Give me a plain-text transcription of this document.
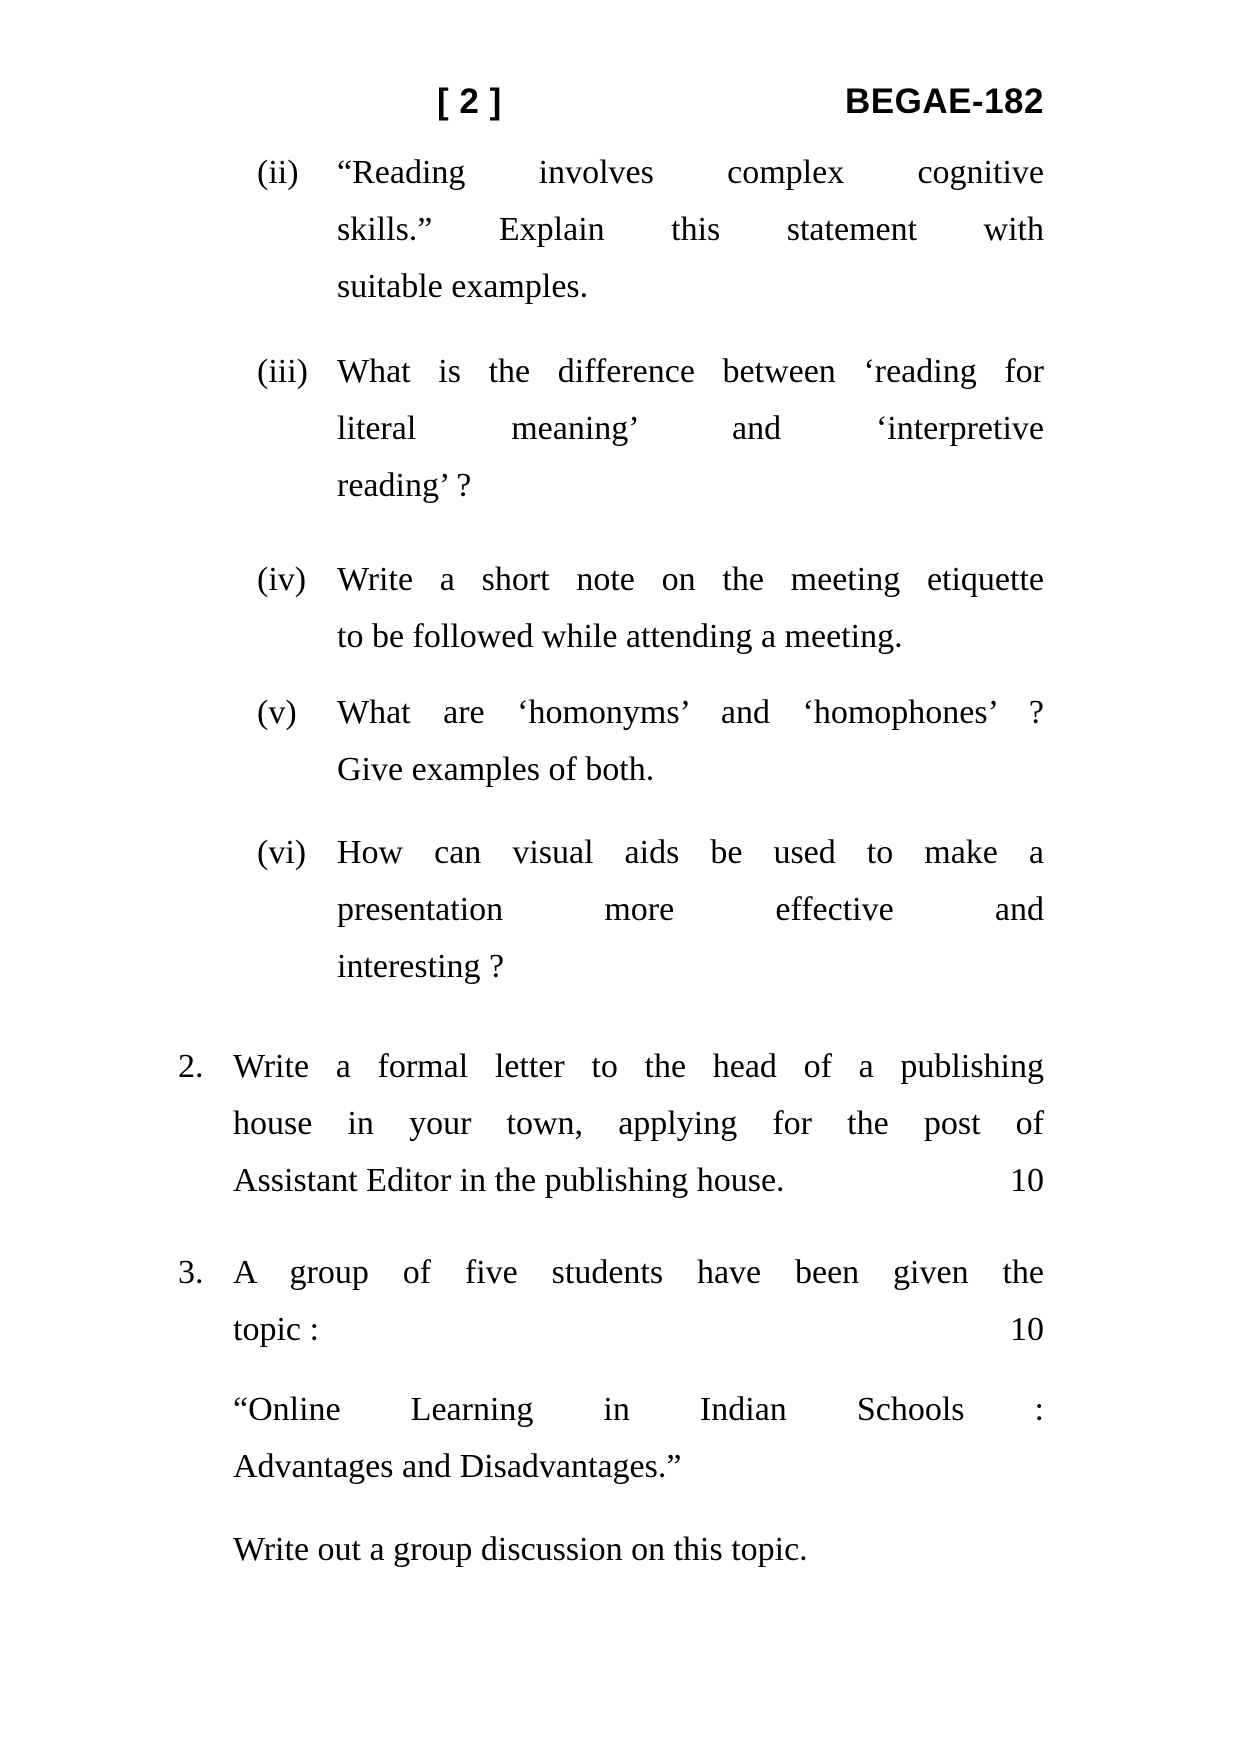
[ 2 ]	BEGAE-182
(ii)	“Reading involves complex cognitive
skills.” Explain this statement with
suitable examples.
(iii) What is the difference between ‘reading for
literal meaning’ and ‘interpretive
reading’ ?
(iv) Write a short note on the meeting etiquette
to be followed while attending a meeting.
(v)	What are ‘homonyms’ and ‘homophones’ ?
Give examples of both.
(vi) How can visual aids be used to make a
presentation more effective and
interesting ?
2. Write a formal letter to the head of a publishing
house in your town, applying for the post of
Assistant Editor in the publishing house.	10
3. A group of five students have been given the
topic :	10
“Online Learning in Indian Schools :
Advantages and Disadvantages.”
Write out a group discussion on this topic.
